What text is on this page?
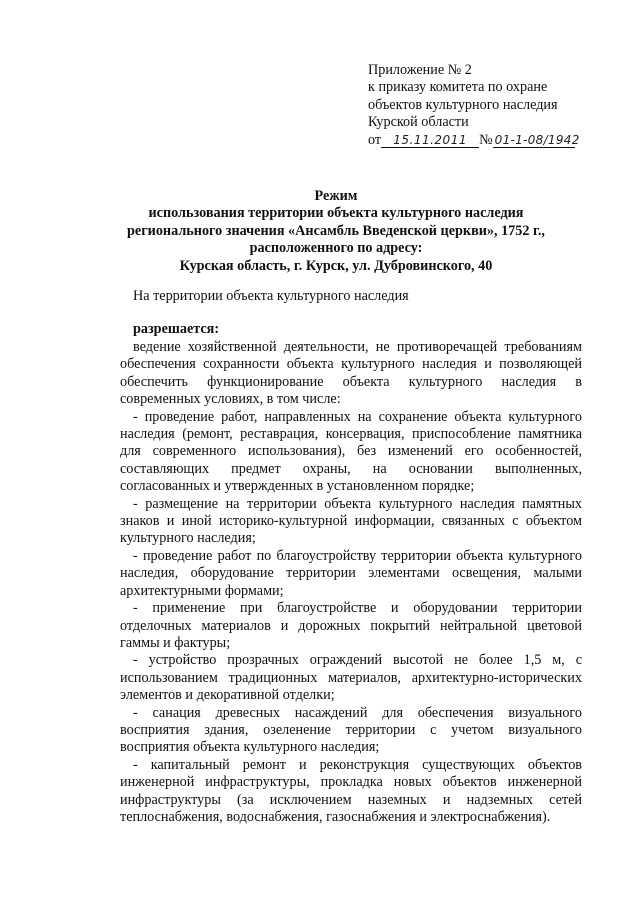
Приложение № 2
к приказу комитета по охране
объектов культурного наследия
Курской области
от 15.11.2011 № 01-1-08/1942
Режим
использования территории объекта культурного наследия
регионального значения «Ансамбль Введенской церкви», 1752 г.,
расположенного по адресу:
Курская область, г. Курск, ул. Дубровинского, 40
На территории объекта культурного наследия
разрешается:

ведение хозяйственной деятельности, не противоречащей требованиям обеспечения сохранности объекта культурного наследия и позволяющей обеспечить функционирование объекта культурного наследия в современных условиях, в том числе:

- проведение работ, направленных на сохранение объекта культурного наследия (ремонт, реставрация, консервация, приспособление памятника для современного использования), без изменений его особенностей, составляющих предмет охраны, на основании выполненных, согласованных и утвержденных в установленном порядке;

- размещение на территории объекта культурного наследия памятных знаков и иной историко-культурной информации, связанных с объектом культурного наследия;

- проведение работ по благоустройству территории объекта культурного наследия, оборудование территории элементами освещения, малыми архитектурными формами;

- применение при благоустройстве и оборудовании территории отделочных материалов и дорожных покрытий нейтральной цветовой гаммы и фактуры;

- устройство прозрачных ограждений высотой не более 1,5 м, с использованием традиционных материалов, архитектурно-исторических элементов и декоративной отделки;

- санация древесных насаждений для обеспечения визуального восприятия здания, озеленение территории с учетом визуального восприятия объекта культурного наследия;

- капитальный ремонт и реконструкция существующих объектов инженерной инфраструктуры, прокладка новых объектов инженерной инфраструктуры (за исключением наземных и надземных сетей теплоснабжения, водоснабжения, газоснабжения и электроснабжения).
